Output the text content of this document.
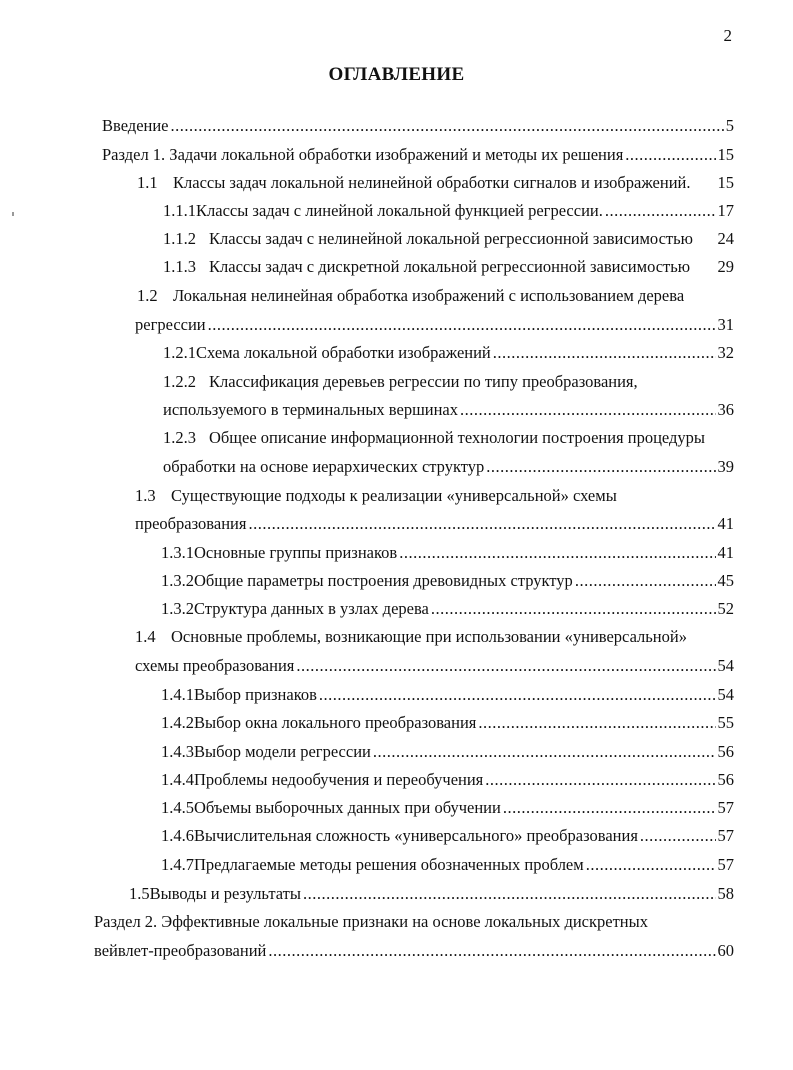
2
ОГЛАВЛЕНИЕ
Введение .....	5
Раздел 1. Задачи локальной обработки изображений и методы их решения .....	15
1.1 Классы задач локальной нелинейной обработки сигналов и изображений. 15
1.1.1 Классы задач с линейной локальной функцией регрессии. .....	17
1.1.2 Классы задач с нелинейной локальной регрессионной зависимостью 24
1.1.3 Классы задач с дискретной локальной регрессионной зависимостью 29
1.2 Локальная нелинейная обработка изображений с использованием дерева
регрессии .....	31
1.2.1 Схема локальной обработки изображений .....	32
1.2.2 Классификация деревьев регрессии по типу преобразования,
используемого в терминальных вершинах .....	36
1.2.3 Общее описание информационной технологии построения процедуры
обработки на основе иерархических структур .....	39
1.3 Существующие подходы к реализации «универсальной» схемы
преобразования .....	41
1.3.1 Основные группы признаков .....	41
1.3.2 Общие параметры построения древовидных структур .....	45
1.3.2 Структура данных в узлах дерева .....	52
1.4 Основные проблемы, возникающие при использовании «универсальной»
схемы преобразования .....	54
1.4.1 Выбор признаков .....	54
1.4.2 Выбор окна локального преобразования .....	55
1.4.3 Выбор модели регрессии .....	56
1.4.4 Проблемы недообучения и переобучения .....	56
1.4.5 Объемы выборочных данных при обучении .....	57
1.4.6 Вычислительная сложность «универсального» преобразования .....	57
1.4.7 Предлагаемые методы решения обозначенных проблем .....	57
1.5 Выводы и результаты .....	58
Раздел 2. Эффективные локальные признаки на основе локальных дискретных
вейвлет-преобразований .....	60
